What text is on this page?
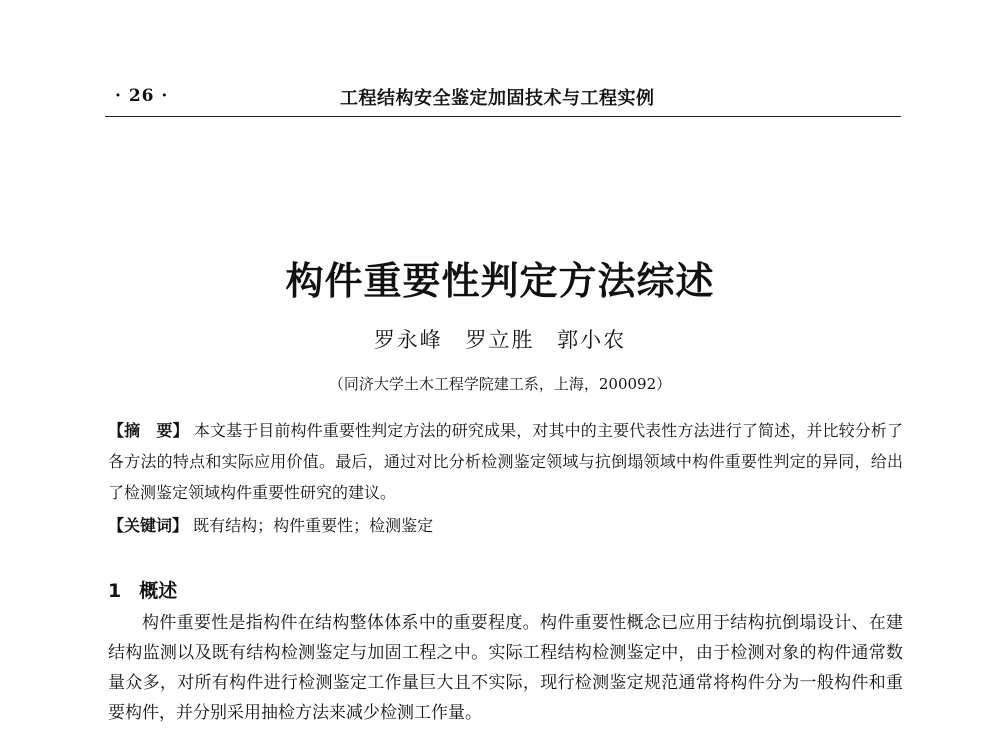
· 26 ·	工程结构安全鉴定加固技术与工程实例
构件重要性判定方法综述
罗永峰 罗立胜 郭小农
（同济大学土木工程学院建工系，上海，200092）
【摘　要】 本文基于目前构件重要性判定方法的研究成果，对其中的主要代表性方法进行了简述，并比较分析了各方法的特点和实际应用价值。最后，通过对比分析检测鉴定领域与抗倒塌领域中构件重要性判定的异同，给出了检测鉴定领域构件重要性研究的建议。
【关键词】 既有结构；构件重要性；检测鉴定
1 概述
构件重要性是指构件在结构整体体系中的重要程度。构件重要性概念已应用于结构抗倒塌设计、在建结构监测以及既有结构检测鉴定与加固工程之中。实际工程结构检测鉴定中，由于检测对象的构件通常数量众多，对所有构件进行检测鉴定工作量巨大且不实际，现行检测鉴定规范通常将构件分为一般构件和重要构件，并分别采用抽检方法来减少检测工作量。
